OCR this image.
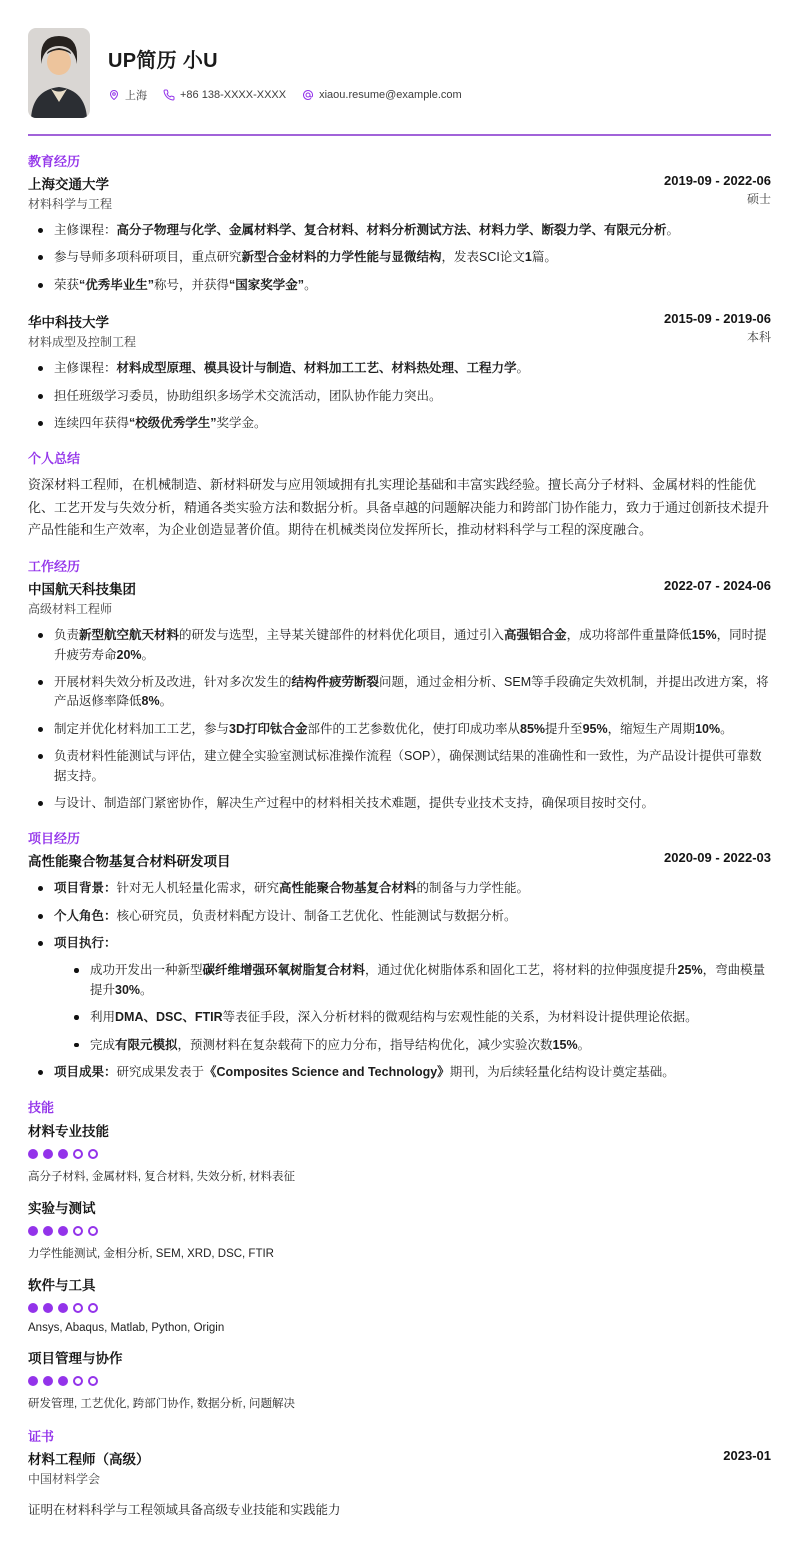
UP简历 小U
上海	+86 138-XXXX-XXXX	xiaou.resume@example.com
教育经历
上海交通大学
材料科学与工程
2019-09 - 2022-06
硕士
主修课程：高分子物理与化学、金属材料学、复合材料、材料分析测试方法、材料力学、断裂力学、有限元分析。
参与导师多项科研项目，重点研究新型合金材料的力学性能与显微结构，发表SCI论文1篇。
荣获“优秀毕业生”称号，并获得“国家奖学金”。
华中科技大学
材料成型及控制工程
2015-09 - 2019-06
本科
主修课程：材料成型原理、模具设计与制造、材料加工工艺、材料热处理、工程力学。
担任班级学习委员，协助组织多场学术交流活动，团队协作能力突出。
连续四年获得“校级优秀学生”奖学金。
个人总结
资深材料工程师，在机械制造、新材料研发与应用领域拥有扎实理论基础和丰富实践经验。擅长高分子材料、金属材料的性能优化、工艺开发与失效分析，精通各类实验方法和数据分析。具备卓越的问题解决能力和跨部门协作能力，致力于通过创新技术提升产品性能和生产效率，为企业创造显著价值。期待在机械类岗位发挥所长，推动材料科学与工程的深度融合。
工作经历
中国航天科技集团
高级材料工程师
2022-07 - 2024-06
负责新型航空航天材料的研发与选型，主导某关键部件的材料优化项目，通过引入高强铝合金，成功将部件重量降低15%，同时提升疲劳寿命20%。
开展材料失效分析及改进，针对多次发生的结构件疲劳断裂问题，通过金相分析、SEM等手段确定失效机制，并提出改进方案，将产品返修率降低8%。
制定并优化材料加工工艺，参与3D打印钛合金部件的工艺参数优化，使打印成功率从85%提升至95%，缩短生产周期10%。
负责材料性能测试与评估，建立健全实验室测试标准操作流程（SOP），确保测试结果的准确性和一致性，为产品设计提供可靠数据支持。
与设计、制造部门紧密协作，解决生产过程中的材料相关技术难题，提供专业技术支持，确保项目按时交付。
项目经历
高性能聚合物基复合材料研发项目	2020-09 - 2022-03
项目背景：针对无人机轻量化需求，研究高性能聚合物基复合材料的制备与力学性能。
个人角色：核心研究员，负责材料配方设计、制备工艺优化、性能测试与数据分析。
项目执行：
成功开发出一种新型碳纤维增强环氧树脂复合材料，通过优化树脂体系和固化工艺，将材料的拉伸强度提升25%，弯曲模量提升30%。
利用DMA、DSC、FTIR等表征手段，深入分析材料的微观结构与宏观性能的关系，为材料设计提供理论依据。
完成有限元模拟，预测材料在复杂载荷下的应力分布，指导结构优化，减少实验次数15%。
项目成果：研究成果发表于《Composites Science and Technology》期刊，为后续轻量化结构设计奠定基础。
技能
材料专业技能
高分子材料, 金属材料, 复合材料, 失效分析, 材料表征
实验与测试
力学性能测试, 金相分析, SEM, XRD, DSC, FTIR
软件与工具
Ansys, Abaqus, Matlab, Python, Origin
项目管理与协作
研发管理, 工艺优化, 跨部门协作, 数据分析, 问题解决
证书
材料工程师（高级）
中国材料学会
2023-01
证明在材料科学与工程领域具备高级专业技能和实践能力
